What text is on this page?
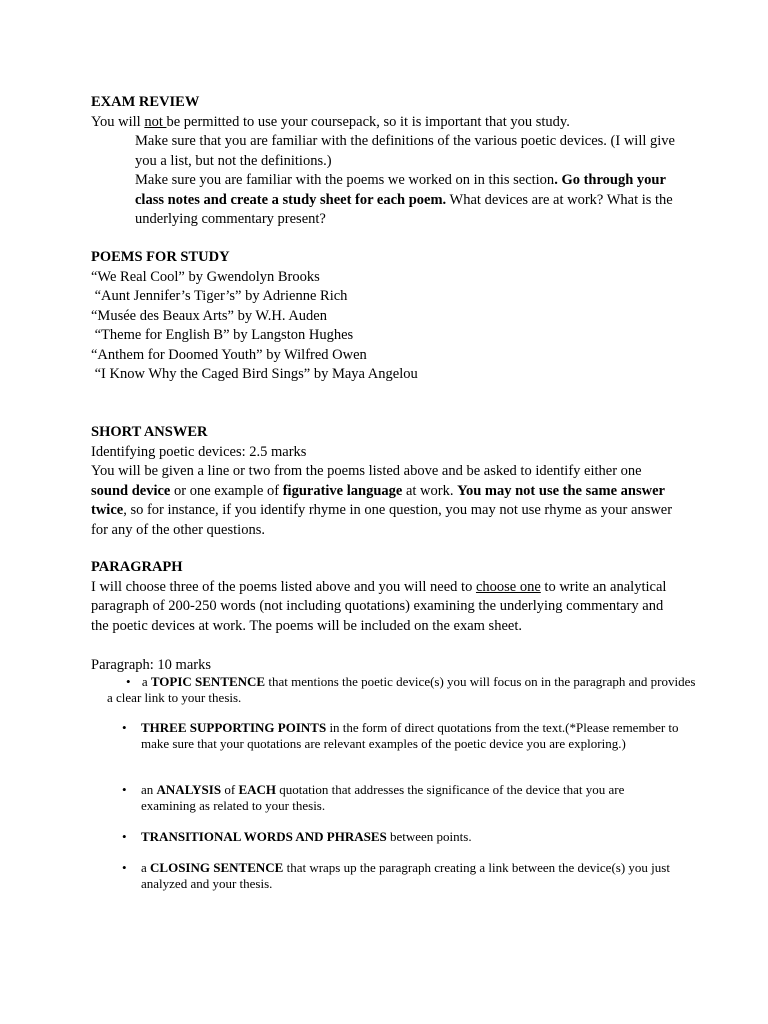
EXAM REVIEW

You will not be permitted to use your coursepack, so it is important that you study.

Make sure that you are familiar with the definitions of the various poetic devices. (I will give you a list, but not the definitions.)

Make sure you are familiar with the poems we worked on in this section. Go through your class notes and create a study sheet for each poem. What devices are at work? What is the underlying commentary present?

POEMS FOR STUDY

“We Real Cool” by Gwendolyn Brooks

“Aunt Jennifer’s Tiger’s” by Adrienne Rich

“Musée des Beaux Arts” by W.H. Auden

“Theme for English B” by Langston Hughes

“Anthem for Doomed Youth” by Wilfred Owen

“I Know Why the Caged Bird Sings” by Maya Angelou

SHORT ANSWER

Identifying poetic devices: 2.5 marks

You will be given a line or two from the poems listed above and be asked to identify either one sound device or one example of figurative language at work. You may not use the same answer twice, so for instance, if you identify rhyme in one question, you may not use rhyme as your answer for any of the other questions.

PARAGRAPH

I will choose three of the poems listed above and you will need to choose one to write an analytical paragraph of 200-250 words (not including quotations) examining the underlying commentary and the poetic devices at work. The poems will be included on the exam sheet.

Paragraph: 10 marks
• a TOPIC SENTENCE that mentions the poetic device(s) you will focus on in the paragraph and provides a clear link to your thesis.
•	THREE SUPPORTING POINTS in the form of direct quotations from the text.(*Please remember to make sure that your quotations are relevant examples of the poetic device you are exploring.)
•	an ANALYSIS of EACH quotation that addresses the significance of the device that you are examining as related to your thesis.
•	TRANSITIONAL WORDS AND PHRASES between points.
•	a CLOSING SENTENCE that wraps up the paragraph creating a link between the device(s) you just analyzed and your thesis.
